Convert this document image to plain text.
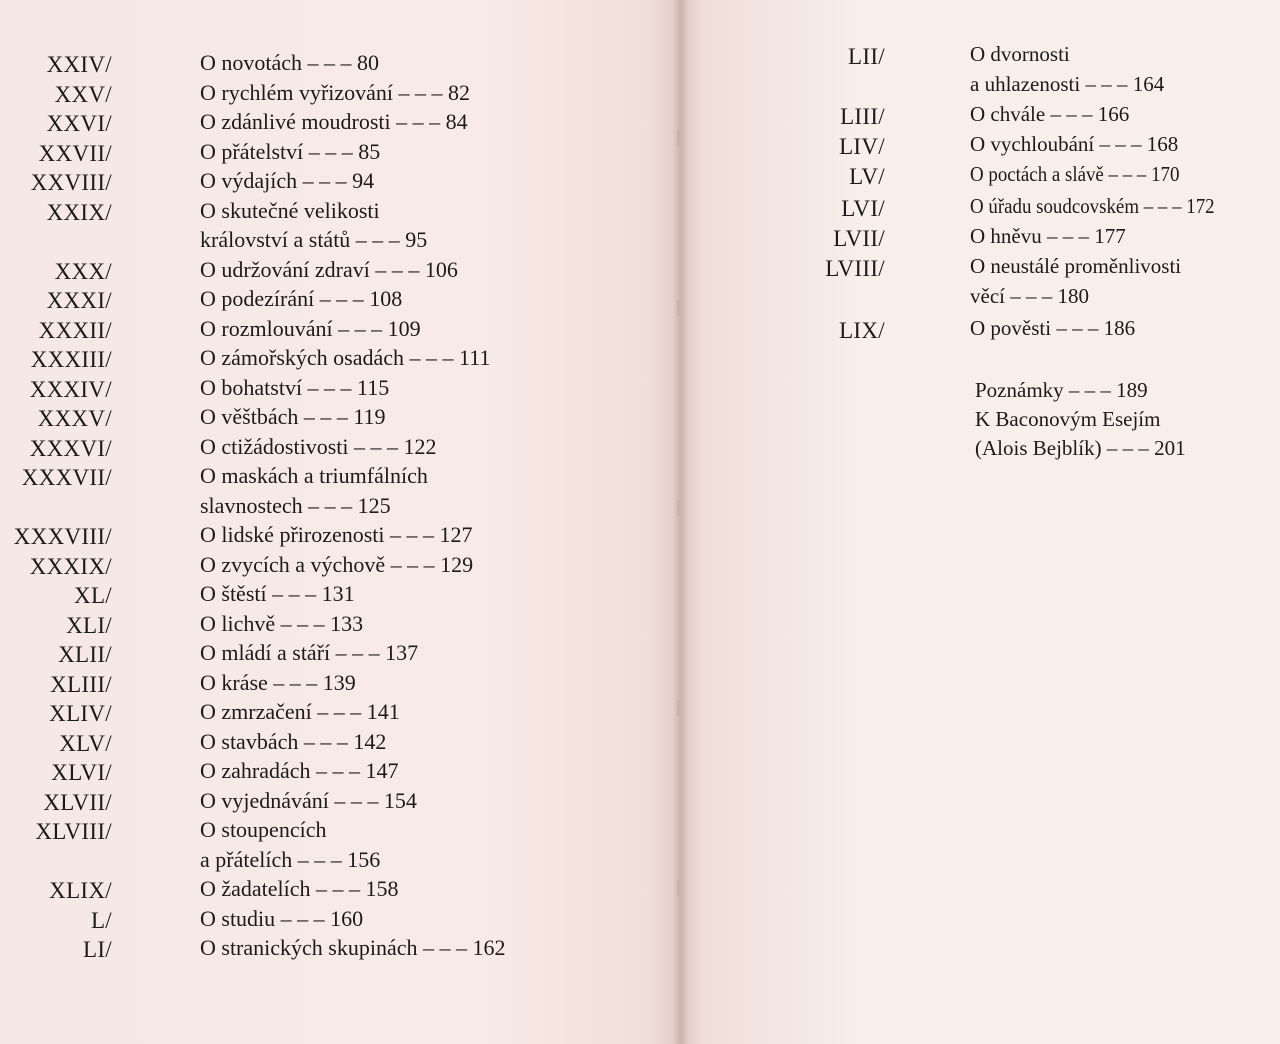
XXIV/	O novotách – – – 80
XXV/	O rychlém vyřizování – – – 82
XXVI/	O zdánlivé moudrosti – – – 84
XXVII/	O přátelství – – – 85
XXVIII/	O výdajích – – – 94
XXIX/	O skutečné velikosti
království a států – – – 95
XXX/	O udržování zdraví – – – 106
XXXI/	O podezírání – – – 108
XXXII/	O rozmlouvání – – – 109
XXXIII/	O zámořských osadách – – – 111
XXXIV/	O bohatství – – – 115
XXXV/	O věštbách – – – 119
XXXVI/	O ctižádostivosti – – – 122
XXXVII/	O maskách a triumfálních
slavnostech – – – 125
XXXVIII/	O lidské přirozenosti – – – 127
XXXIX/	O zvycích a výchově – – – 129
XL/	O štěstí – – – 131
XLI/	O lichvě – – – 133
XLII/	O mládí a stáří – – – 137
XLIII/	O kráse – – – 139
XLIV/	O zmrzačení – – – 141
XLV/	O stavbách – – – 142
XLVI/	O zahradách – – – 147
XLVII/	O vyjednávání – – – 154
XLVIII/	O stoupencích
a přátelích – – – 156
XLIX/	O žadatelích – – – 158
L/	O studiu – – – 160
LI/	O stranických skupinách – – – 162
LII/	O dvornosti
a uhlazenosti – – – 164
LIII/	O chvále – – – 166
LIV/	O vychloubání – – – 168
LV/	O poctách a slávě – – – 170
LVI/	O úřadu soudcovském – – – 172
LVII/	O hněvu – – – 177
LVIII/	O neustálé proměnlivosti
věcí – – – 180
LIX/	O pověsti – – – 186
Poznámky – – – 189
K Baconovým Esejím
(Alois Bejblík) – – – 201
